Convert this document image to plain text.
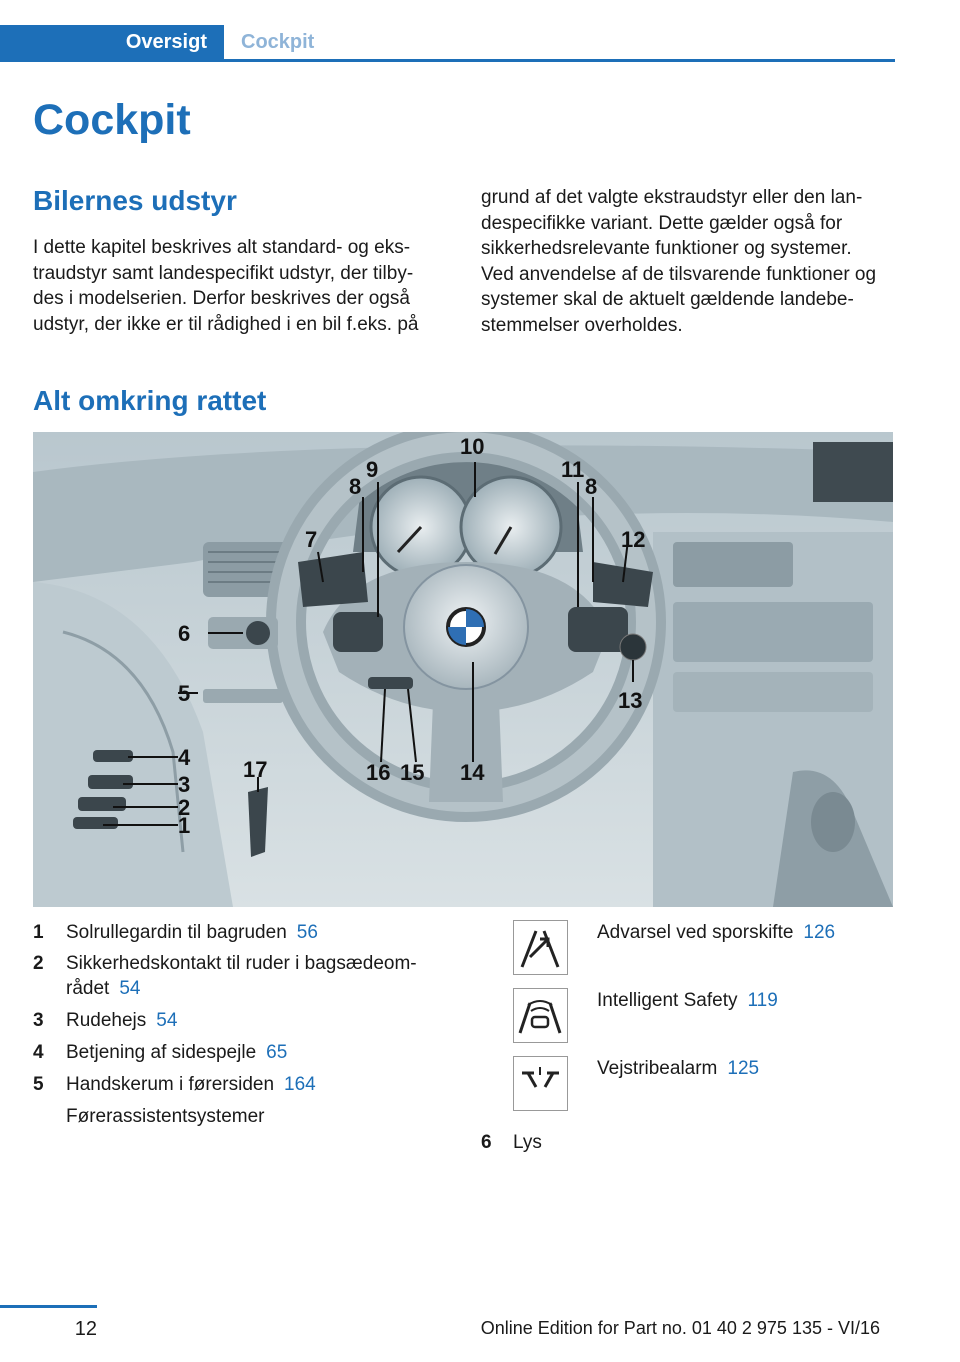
Oversigt	Cockpit
Cockpit
Bilernes udstyr
I dette kapitel beskrives alt standard- og eks‐
traudstyr samt landespecifikt udstyr, der tilby‐
des i modelserien. Derfor beskrives der også
udstyr, der ikke er til rådighed i en bil f.eks. på
grund af det valgte ekstraudstyr eller den lan‐
despecifikke variant. Dette gælder også for
sikkerhedsrelevante funktioner og systemer.
Ved anvendelse af de tilsvarende funktioner og
systemer skal de aktuelt gældende landebe‐
stemmelser overholdes.
Alt omkring rattet
1
2
3
4
5
6
7
8
9
10
11
8
12
13
14
15
16
17
1 Solrullegardin til bagruden 56
2 Sikkerhedskontakt til ruder i bagsædeom‐
rådet 54
3 Rudehejs 54
4 Betjening af sidespejle 65
5 Handskerum i førersiden 164
Førerassistentsystemer
Advarsel ved sporskifte 126
Intelligent Safety 119
Vejstribealarm 125
6 Lys
12	Online Edition for Part no. 01 40 2 975 135 - VI/16
